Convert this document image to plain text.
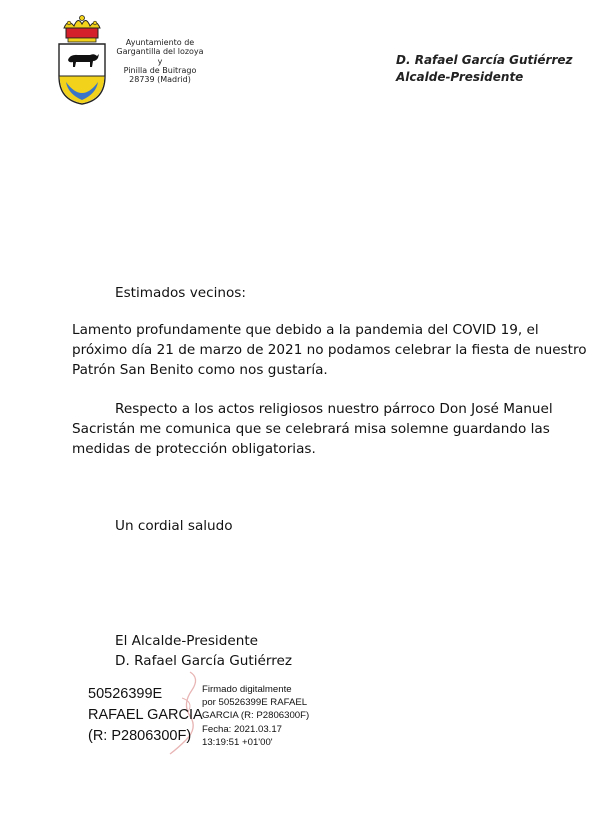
Ayuntamiento de
Gargantilla del lozoya
y
Pinilla de Buitrago
28739 (Madrid)
D. Rafael García Gutiérrez
Alcalde-Presidente
Estimados vecinos:

Lamento profundamente que debido a la pandemia del COVID 19, el próximo día 21 de marzo de 2021 no podamos celebrar la fiesta de nuestro Patrón San Benito como nos gustaría.

Respecto a los actos religiosos nuestro párroco Don José Manuel Sacristán me comunica que se celebrará misa solemne guardando las medidas de protección obligatorias.

Un cordial saludo
El Alcalde-Presidente
D. Rafael García Gutiérrez
50526399E
RAFAEL GARCIA
(R: P2806300F)
Firmado digitalmente
por 50526399E RAFAEL
GARCIA (R: P2806300F)
Fecha: 2021.03.17
13:19:51 +01'00'
